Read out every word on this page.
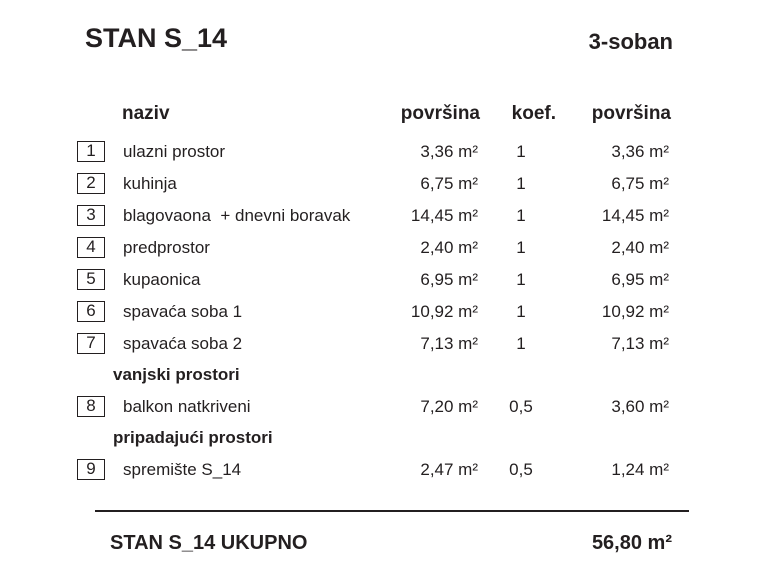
STAN S_14	3-soban
naziv	površina koef. površina
1	ulazni prostor	3,36 m²	1	3,36 m²
2	kuhinja	6,75 m²	1	6,75 m²
3	blagovaona  + dnevni boravak	14,45 m²	1	14,45 m²
4	predprostor	2,40 m²	1	2,40 m²
5	kupaonica	6,95 m²	1	6,95 m²
6	spavaća soba 1	10,92 m²	1	10,92 m²
7	spavaća soba 2	7,13 m²	1	7,13 m²
vanjski prostori
8	balkon natkriveni	7,20 m²	0,5	3,60 m²
pripadajući prostori
9	spremište S_14	2,47 m²	0,5	1,24 m²
STAN S_14 UKUPNO	56,80 m²
